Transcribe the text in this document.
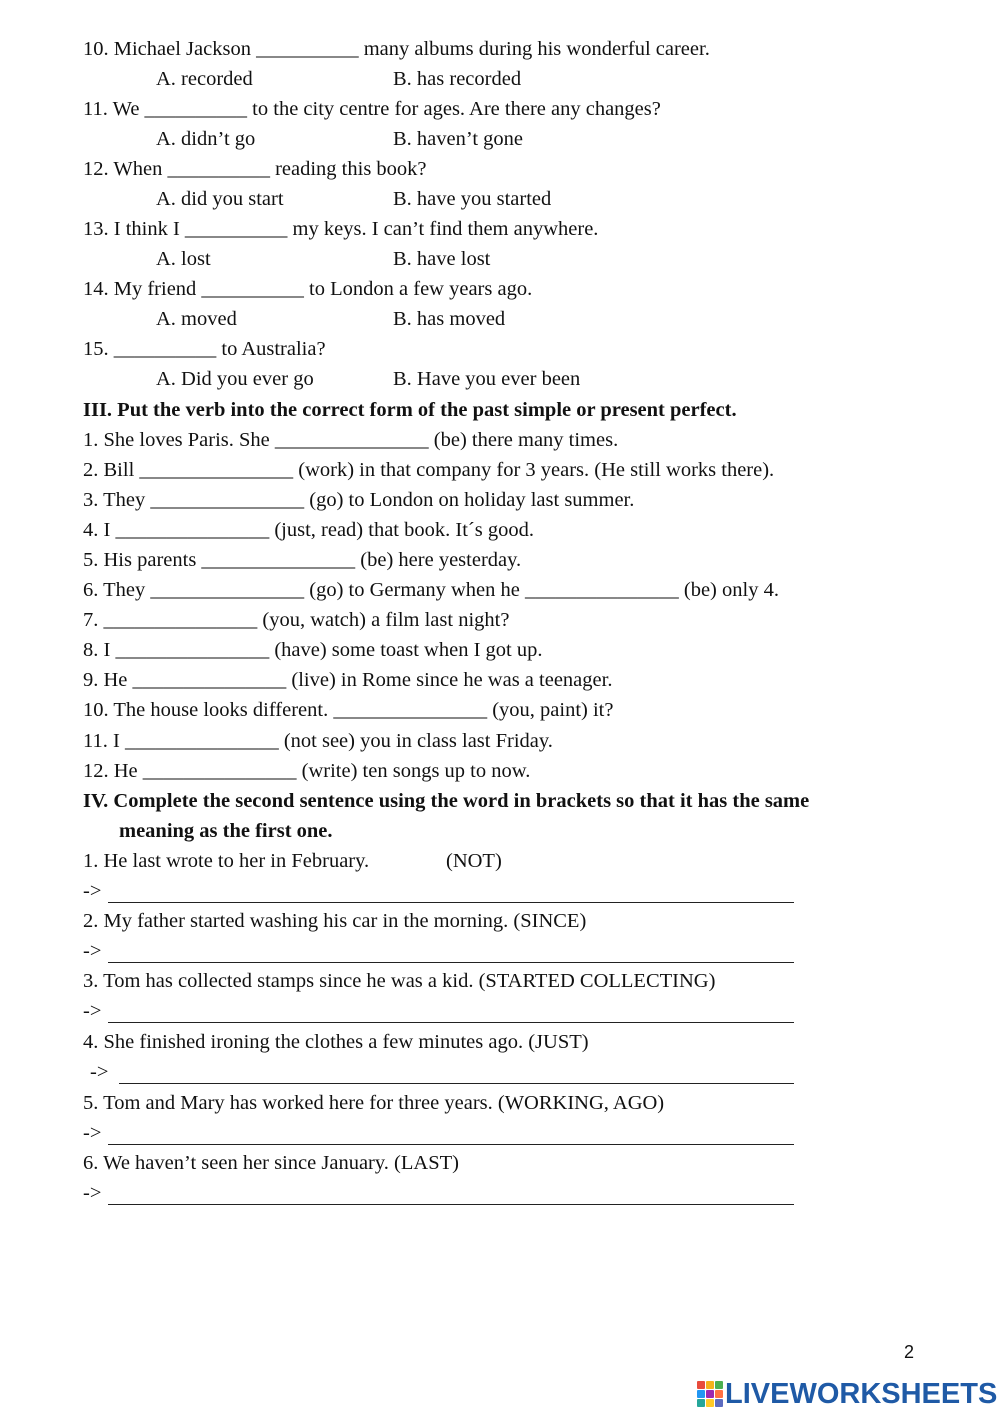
10. Michael Jackson __________ many albums during his wonderful career.
A. recorded	B. has recorded
11. We __________ to the city centre for ages. Are there any changes?
A. didn’t go	B. haven’t gone
12. When __________ reading this book?
A. did you start	B. have you started
13. I think I __________ my keys. I can’t find them anywhere.
A. lost	B. have lost
14. My friend __________ to London a few years ago.
A. moved	B. has moved
15. __________ to Australia?
A. Did you ever go	B. Have you ever been
III. Put the verb into the correct form of the past simple or present perfect.
1. She loves Paris. She _______________ (be) there many times.
2. Bill _______________ (work) in that company for 3 years. (He still works there).
3. They _______________ (go) to London on holiday last summer.
4. I _______________ (just, read) that book. It´s good.
5. His parents _______________ (be) here yesterday.
6. They _______________ (go) to Germany when he _______________ (be) only 4.
7. _______________ (you, watch) a film last night?
8. I _______________ (have) some toast when I got up.
9. He _______________ (live) in Rome since he was a teenager.
10. The house looks different. _______________ (you, paint) it?
11. I _______________ (not see) you in class last Friday.
12. He _______________ (write) ten songs up to now.
IV. Complete the second sentence using the word in brackets so that it has the same
meaning as the first one.
1. He last wrote to her in February.	(NOT)
->
2. My father started washing his car in the morning. (SINCE)
->
3. Tom has collected stamps since he was a kid. (STARTED COLLECTING)
->
4. She finished ironing the clothes a few minutes ago. (JUST)
->
5. Tom and Mary has worked here for three years. (WORKING, AGO)
->
6. We haven’t seen her since January. (LAST)
->
2
LIVEWORKSHEETS
